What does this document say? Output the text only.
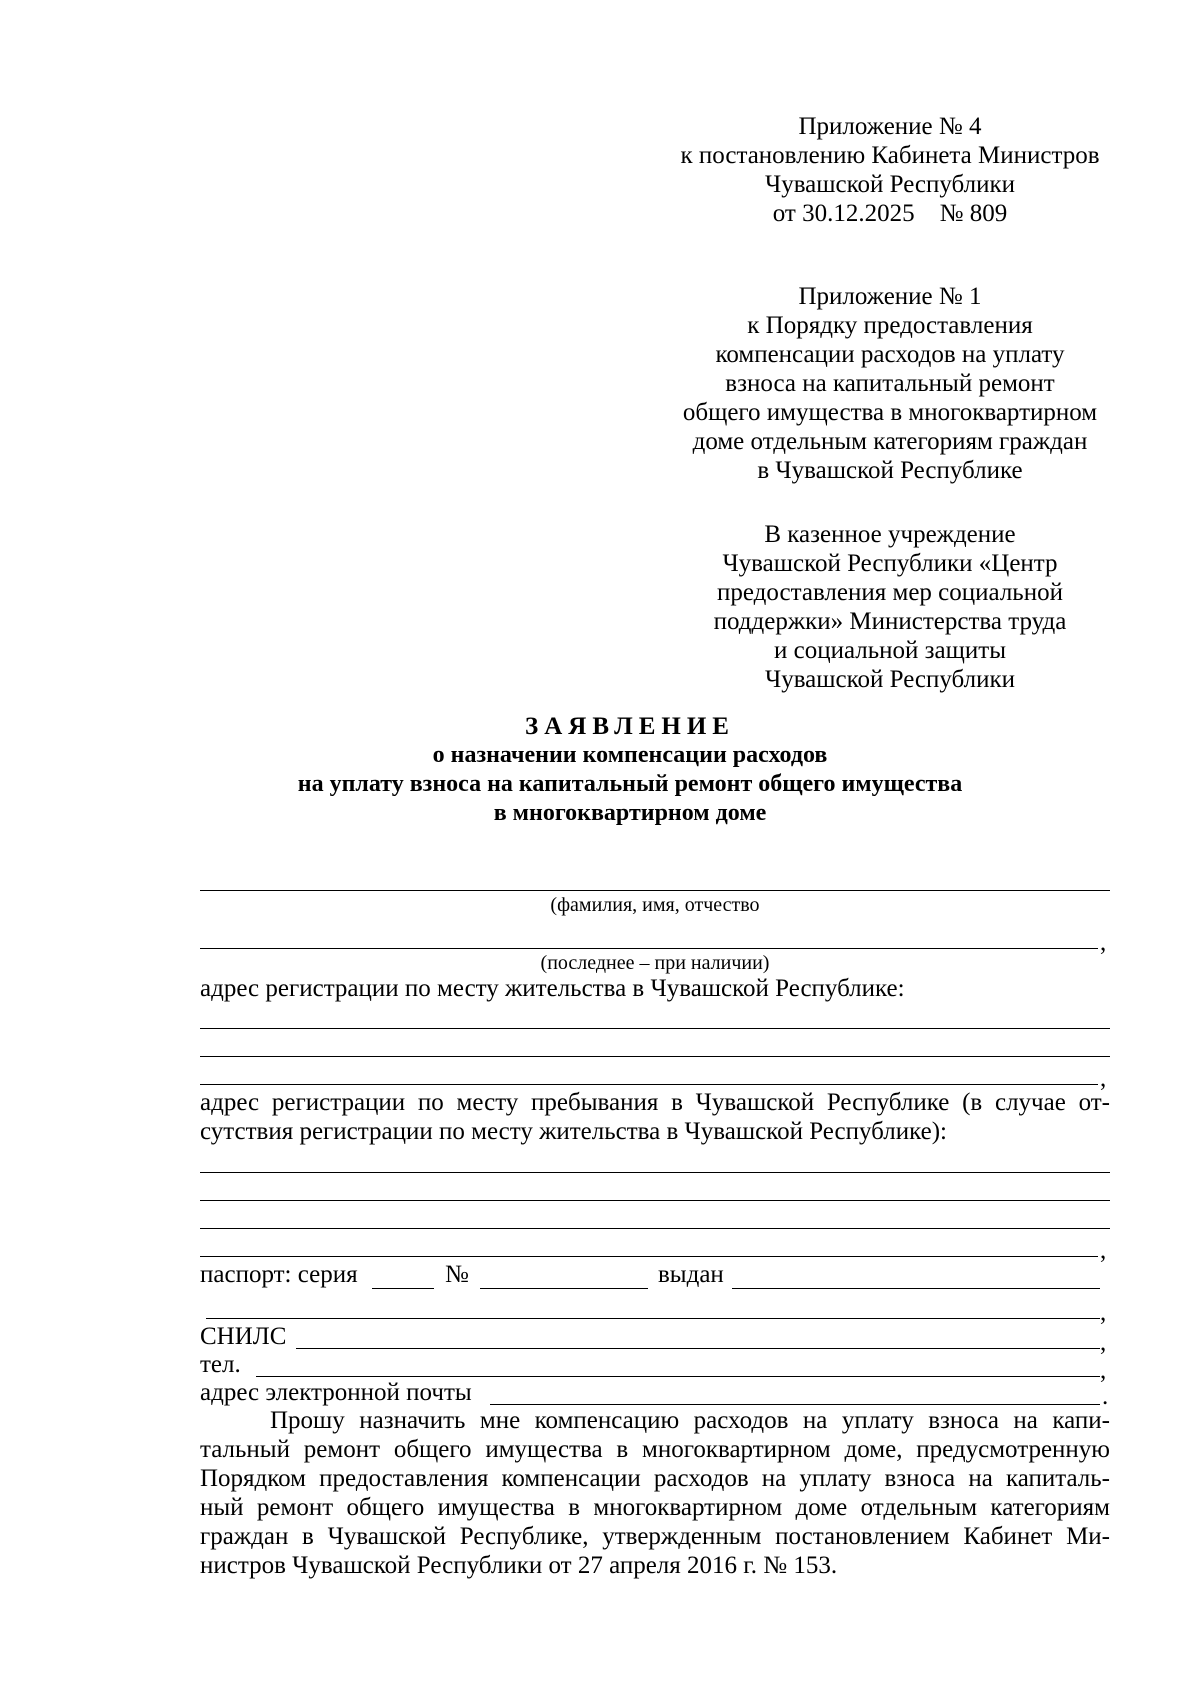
Приложение № 4
к постановлению Кабинета Министров
Чувашской Республики
от 30.12.2025    № 809
Приложение № 1
к Порядку предоставления
компенсации расходов на уплату
взноса на капитальный ремонт
общего имущества в многоквартирном
доме отдельным категориям граждан
в Чувашской Республике
В казенное учреждение
Чувашской Республики «Центр
предоставления мер социальной
поддержки» Министерства труда
и социальной защиты
Чувашской Республики
ЗАЯВЛЕНИЕ
о назначении компенсации расходов
на уплату взноса на капитальный ремонт общего имущества
в многоквартирном доме
(фамилия, имя, отчество
,
(последнее – при наличии)
адрес регистрации по месту жительства в Чувашской Республике:
,
адрес регистрации по месту пребывания в Чувашской Республике (в случае от-
сутствия регистрации по месту жительства в Чувашской Республике):
,
паспорт: серия	№	выдан
,
СНИЛС	,
тел.	,
адрес электронной почты	.
Прошу назначить мне компенсацию расходов на уплату взноса на капи-
тальный ремонт общего имущества в многоквартирном доме, предусмотренную
Порядком предоставления компенсации расходов на уплату взноса на капиталь-
ный ремонт общего имущества в многоквартирном доме отдельным категориям
граждан в Чувашской Республике, утвержденным постановлением Кабинет Ми-
нистров Чувашской Республики от 27 апреля 2016 г. № 153.
